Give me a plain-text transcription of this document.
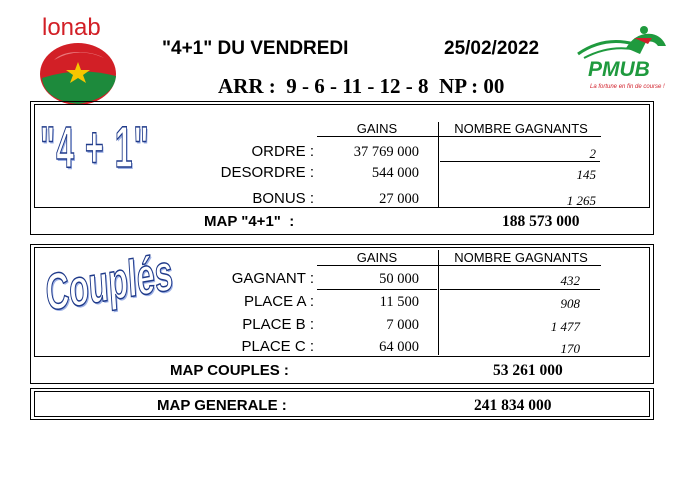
lonab
"4+1" DU VENDREDI	25/02/2022
ARR :  9 - 6 - 11 - 12 - 8  NP : 00
PMUB
La fortune en fin de course !
"4 + 1"	GAINS	NOMBRE GAGNANTS
ORDRE :	37 769 000	2
DESORDRE :	544 000	145
BONUS :	27 000	1 265
MAP "4+1"  :	188 573 000
Couplés	GAINS	NOMBRE GAGNANTS
GAGNANT :	50 000	432
PLACE A :	11 500	908
PLACE B :	7 000	1 477
PLACE C :	64 000	170
MAP COUPLES :	53 261 000
MAP GENERALE :	241 834 000
